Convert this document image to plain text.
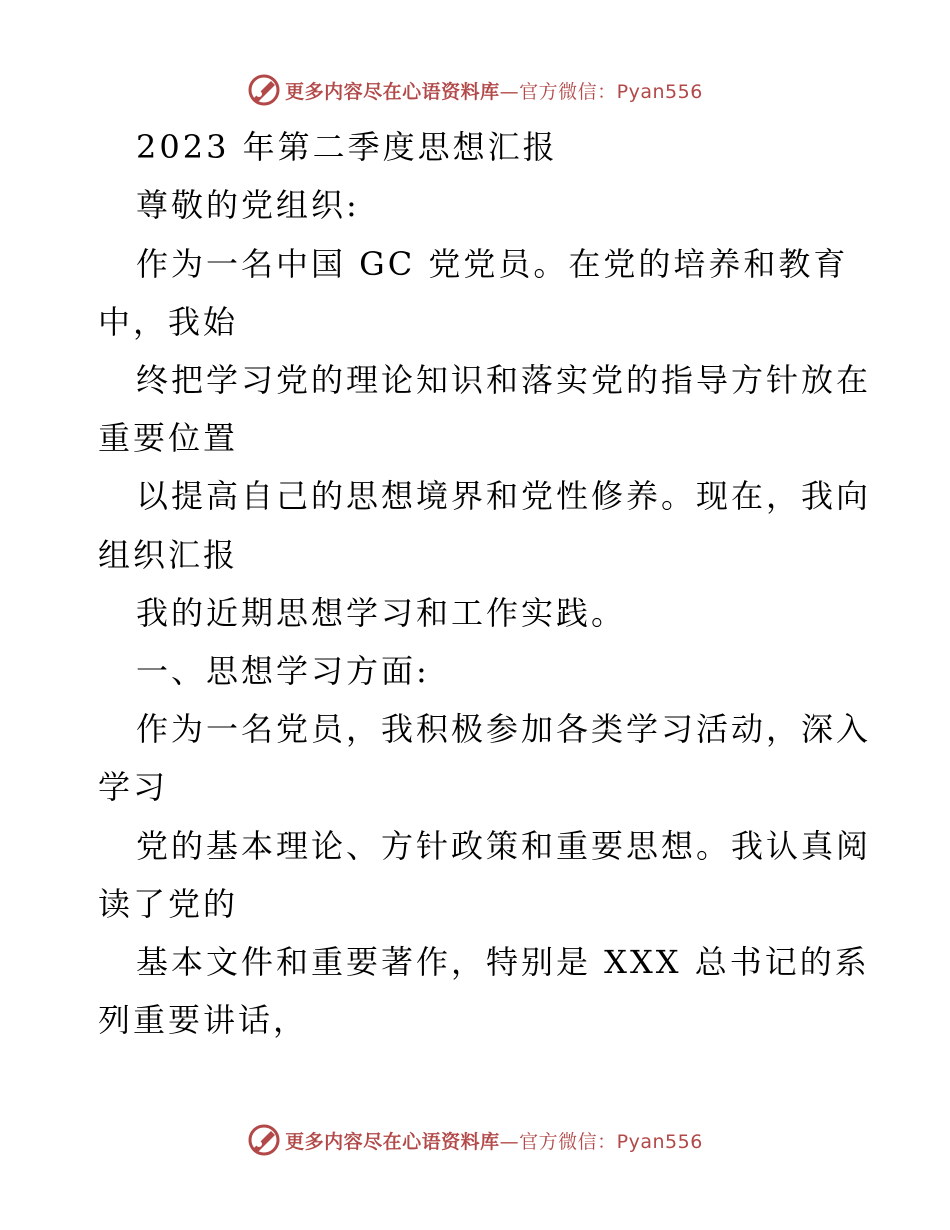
更多内容尽在心语资料库—官方微信：Pyan556
2023 年第二季度思想汇报
尊敬的党组织:
作为一名中国 GC 党党员。在党的培养和教育
中，我始
终把学习党的理论知识和落实党的指导方针放在
重要位置
以提高自己的思想境界和党性修养。现在，我向
组织汇报
我的近期思想学习和工作实践。
一、思想学习方面:
作为一名党员，我积极参加各类学习活动，深入
学习
党的基本理论、方针政策和重要思想。我认真阅
读了党的
基本文件和重要著作，特别是 XXX 总书记的系
列重要讲话，
更多内容尽在心语资料库—官方微信：Pyan556
